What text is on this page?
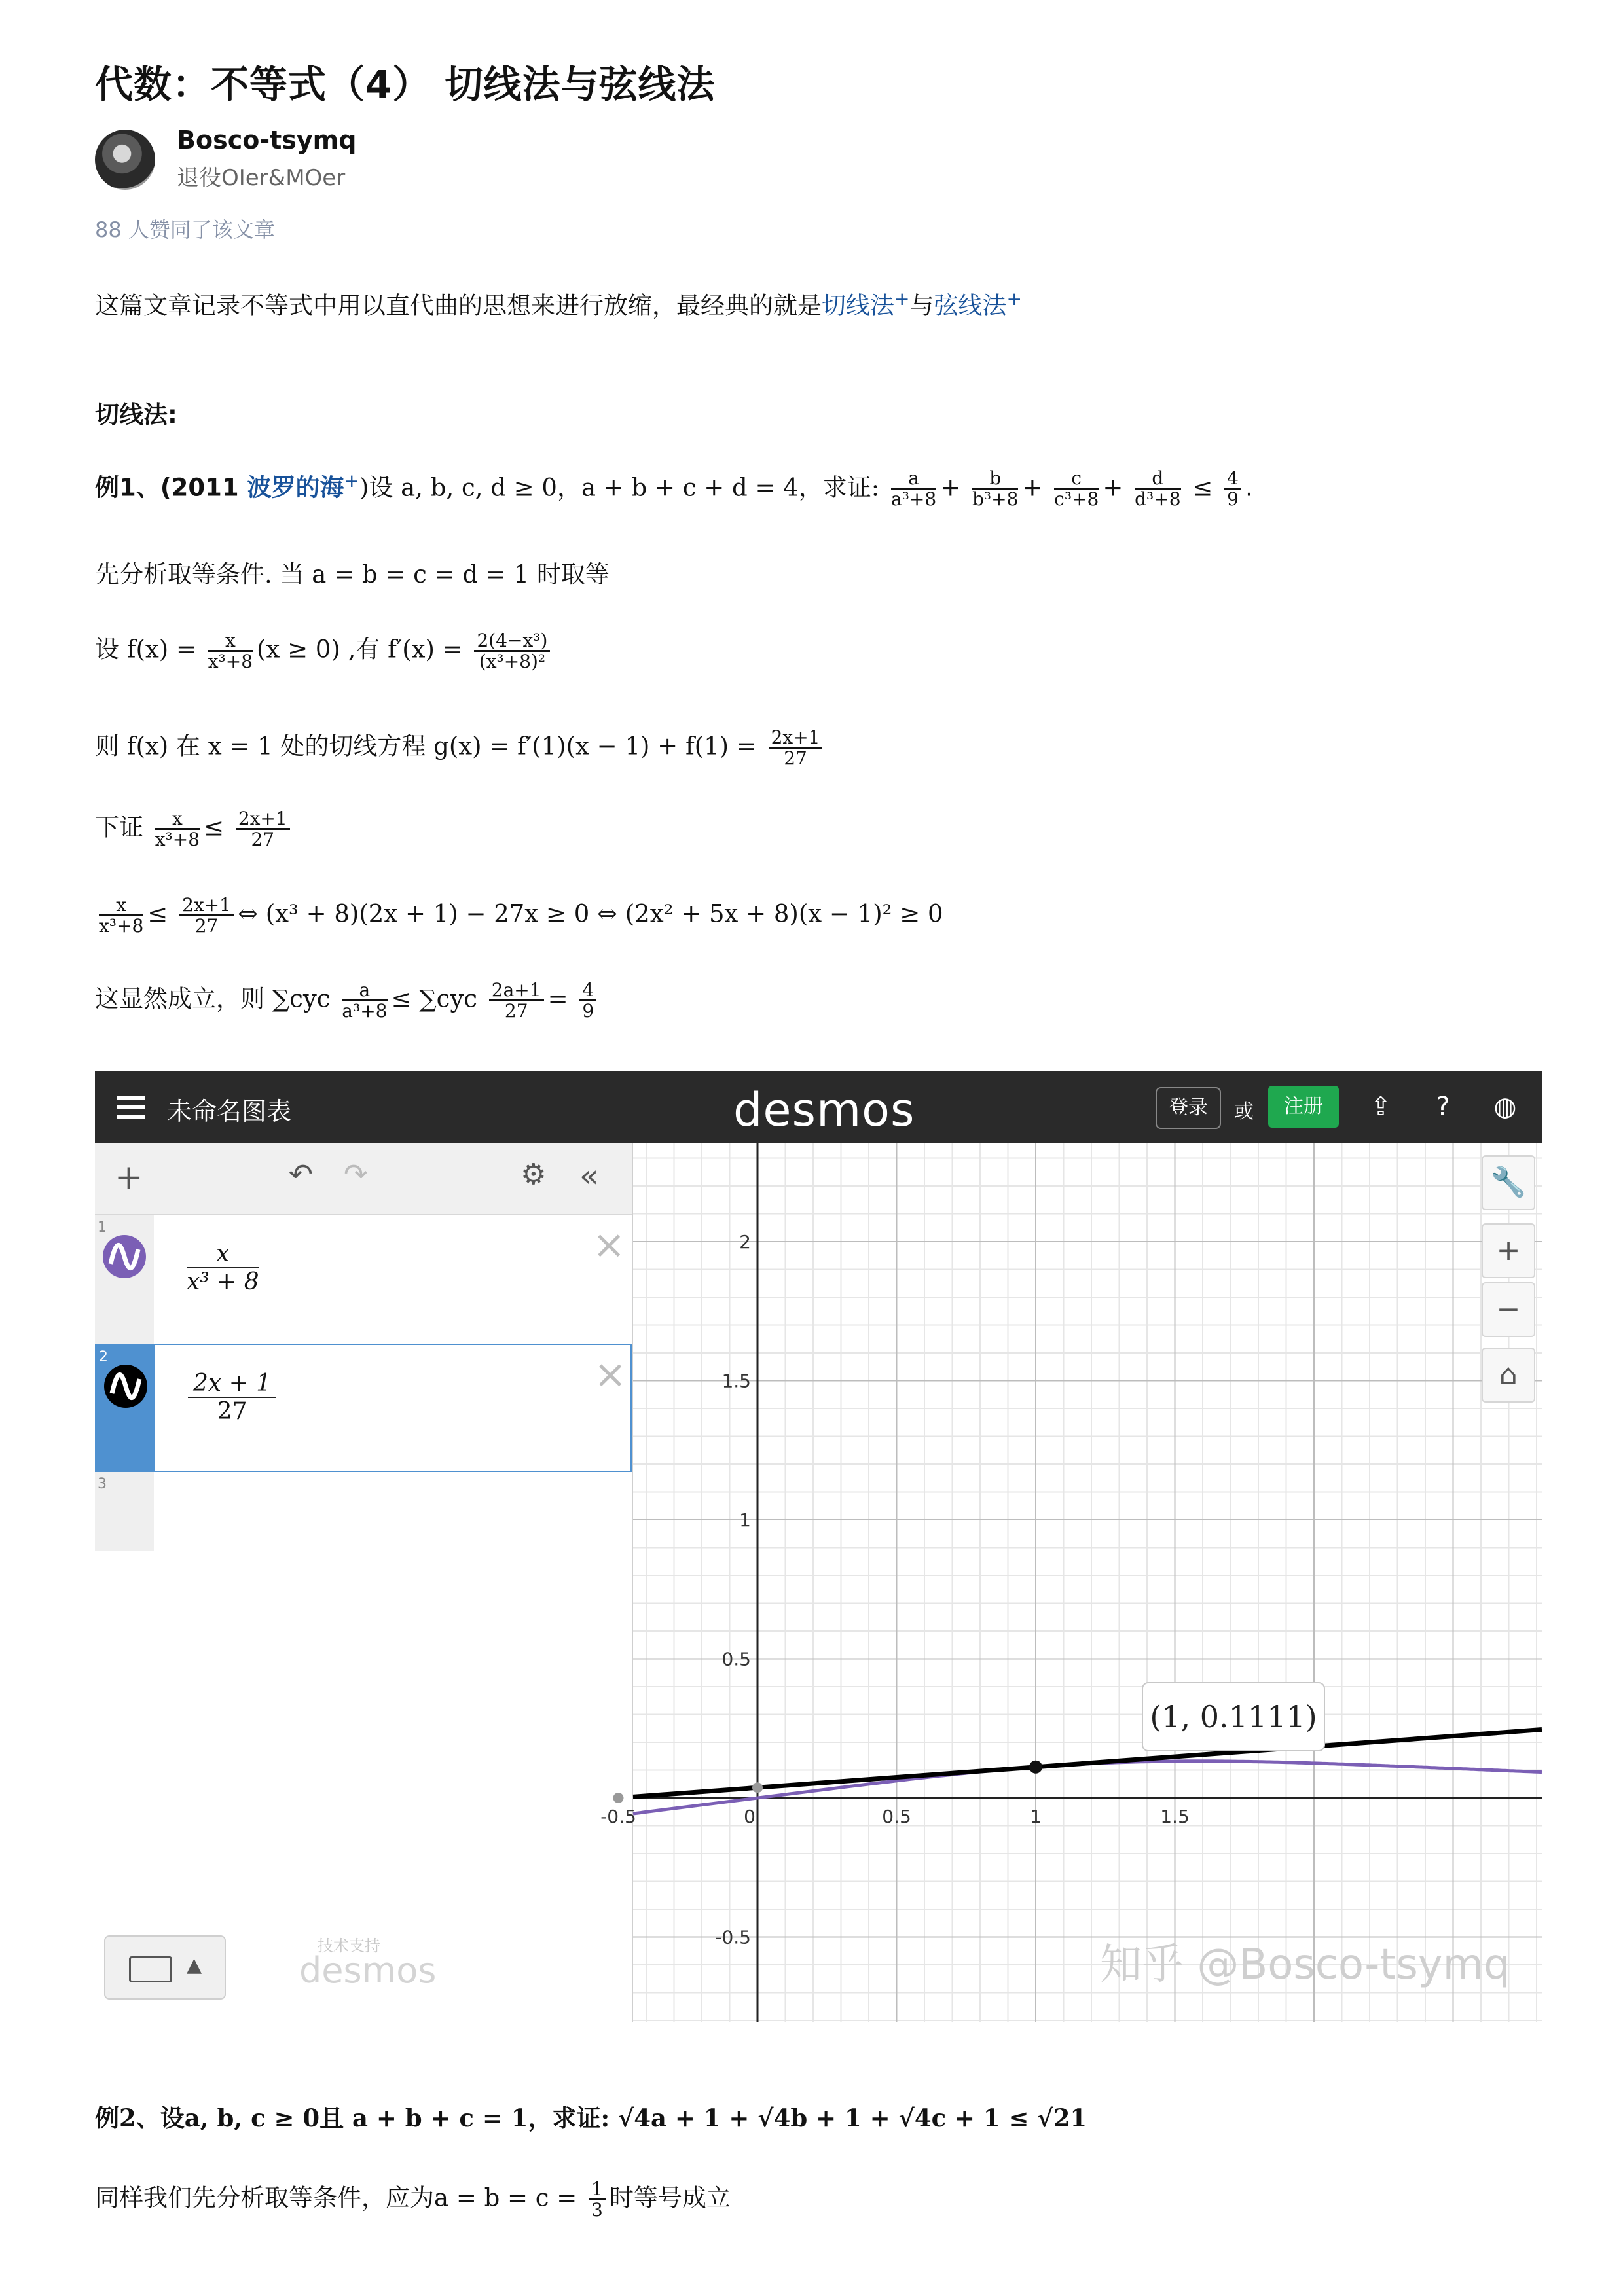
代数：不等式（4） 切线法与弦线法
Bosco-tsymq
退役OIer&MOer
88 人赞同了该文章
这篇文章记录不等式中用以直代曲的思想来进行放缩，最经典的就是切线法+与弦线法+
切线法:
例1、(2011 波罗的海+)设 a, b, c, d ≥ 0，a + b + c + d = 4，求证: $\frac{a}{\text{a³+8}} + \frac{b}{\text{b³+8}} + \frac{c}{\text{c³+8}} + \frac{d}{\text{d³+8}} \le \frac{4}{9}$ .
先分析取等条件. 当 a = b = c = d = 1 时取等
设 $f(x) = \frac{x}{\text{x³+8}} (x \ge 0)$ ,有 $f'(x) = \frac{\text{2(4−x³)}}{\text{(x³+8)²}}$
则 f(x) 在 x = 1 处的切线方程 $g(x) = f'(1)(x - 1) + f(1) = \frac{2x+1}{27}$
下证 $\frac{x}{\text{x³+8}} \le \frac{2x+1}{27}$
$\frac{x}{\text{x³+8}} \le \frac{2x+1}{27}$ ⇔ (x³ + 8)(2x + 1) − 27x ≥ 0 ⇔ (2x² + 5x + 8)(x − 1)² ≥ 0
这显然成立，则 $\sum cyc \frac{a}{\text{a³+8}} \le \sum cyc \frac{2a+1}{27} = \frac{4}{9}$
未命名图表	desmos	登录	或	注册	⇪	?	◍
+	↶ ↷	⚙ «
1
$\frac{x}{\text{x³ + 8}}$	×
2
$\frac{2x + 1}{27}$	×
3
▲
技术支持
desmos
2
1.5
1
0.5
-0.5
-0.5	0	0.5	1	1.5
🔧
+
−
⌂
(1, 0.1111)
知乎 @Bosco-tsymq
例2、设a, b, c ≥ 0且 a + b + c = 1，求证: √4a + 1 + √4b + 1 + √4c + 1 ≤ √21
同样我们先分析取等条件，应为$a = b = c = \frac{1}{3}$ 时等号成立
